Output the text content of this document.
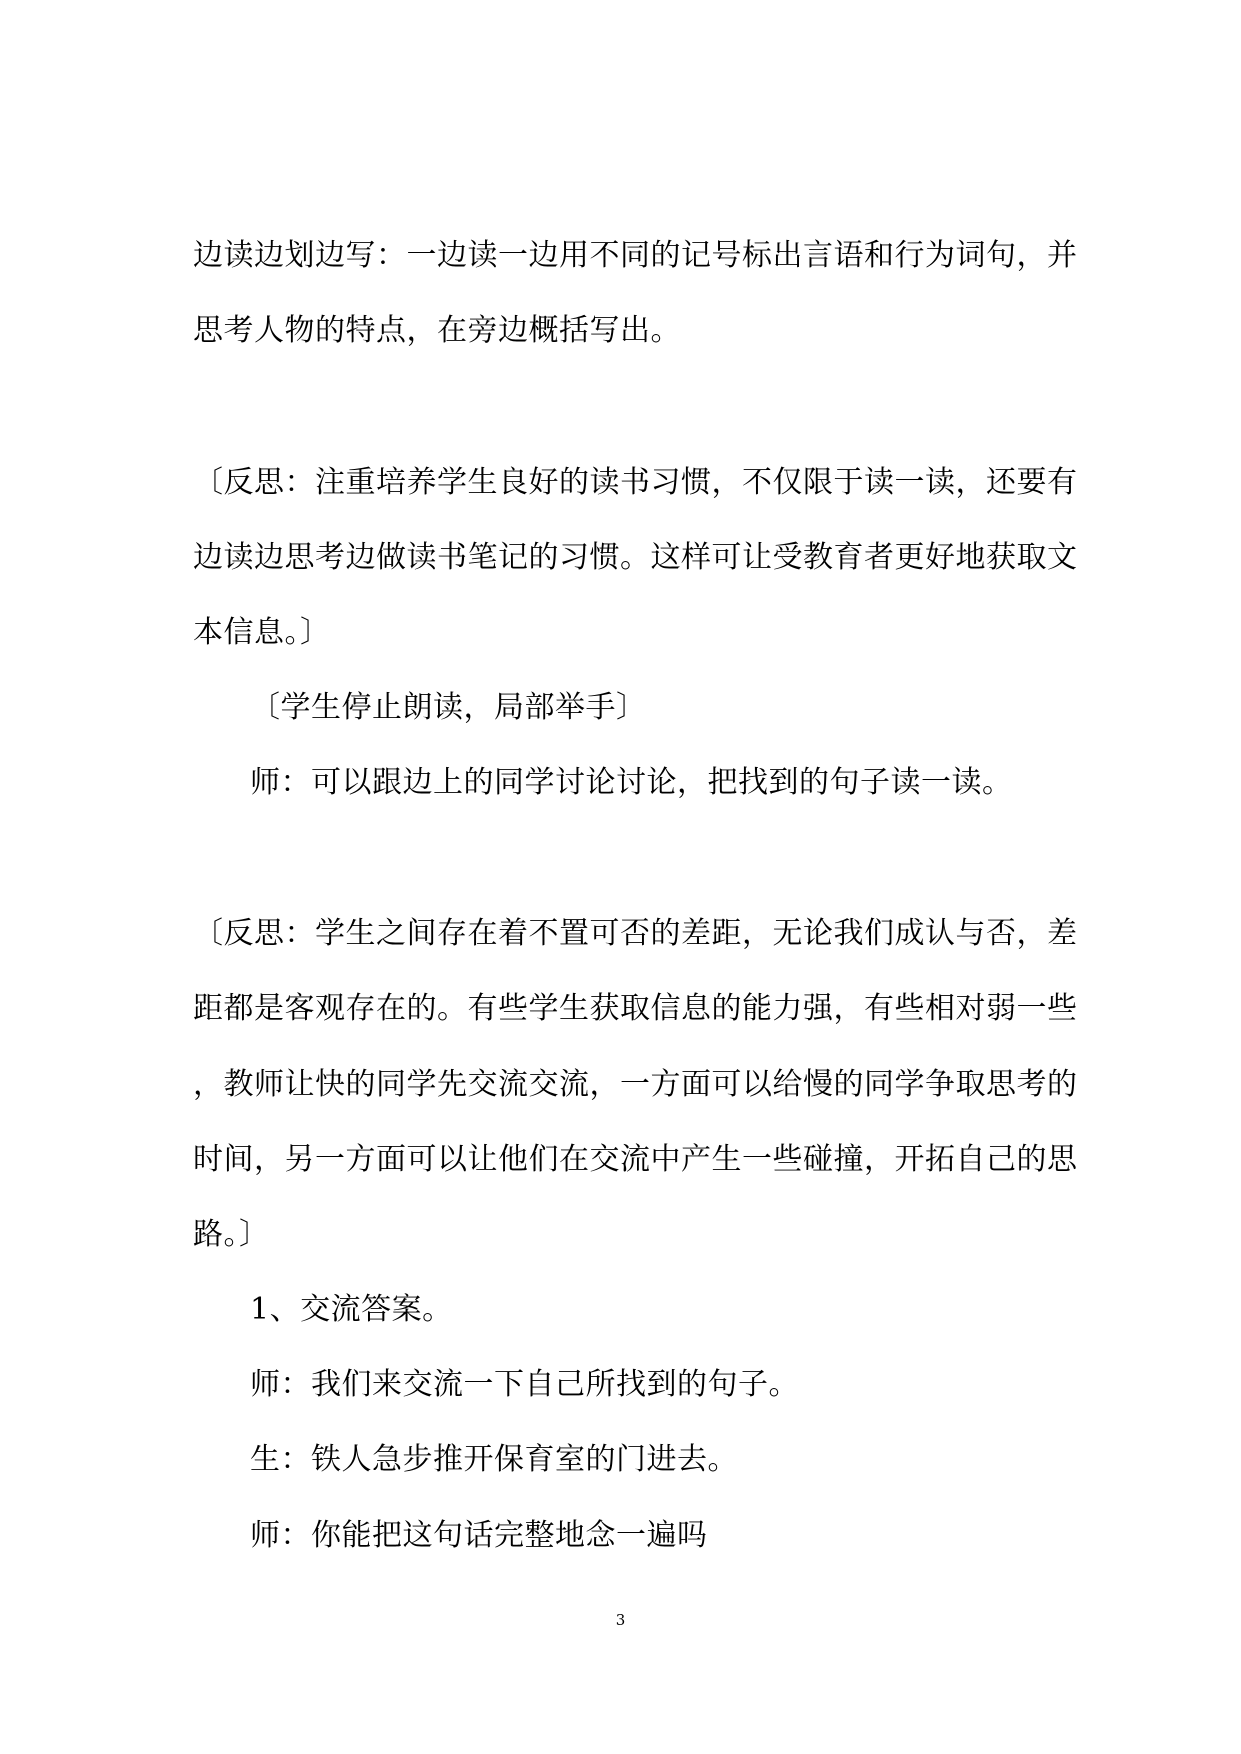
边读边划边写：一边读一边用不同的记号标出言语和行为词句，并

思考人物的特点，在旁边概括写出。

〔反思：注重培养学生良好的读书习惯，不仅限于读一读，还要有

边读边思考边做读书笔记的习惯。这样可让受教育者更好地获取文

本信息。〕

〔学生停止朗读，局部举手〕

师：可以跟边上的同学讨论讨论，把找到的句子读一读。

〔反思：学生之间存在着不置可否的差距，无论我们成认与否，差

距都是客观存在的。有些学生获取信息的能力强，有些相对弱一些

，教师让快的同学先交流交流，一方面可以给慢的同学争取思考的

时间，另一方面可以让他们在交流中产生一些碰撞，开拓自己的思

路。〕

1、交流答案。

师：我们来交流一下自己所找到的句子。

生：铁人急步推开保育室的门进去。

师：你能把这句话完整地念一遍吗

3
